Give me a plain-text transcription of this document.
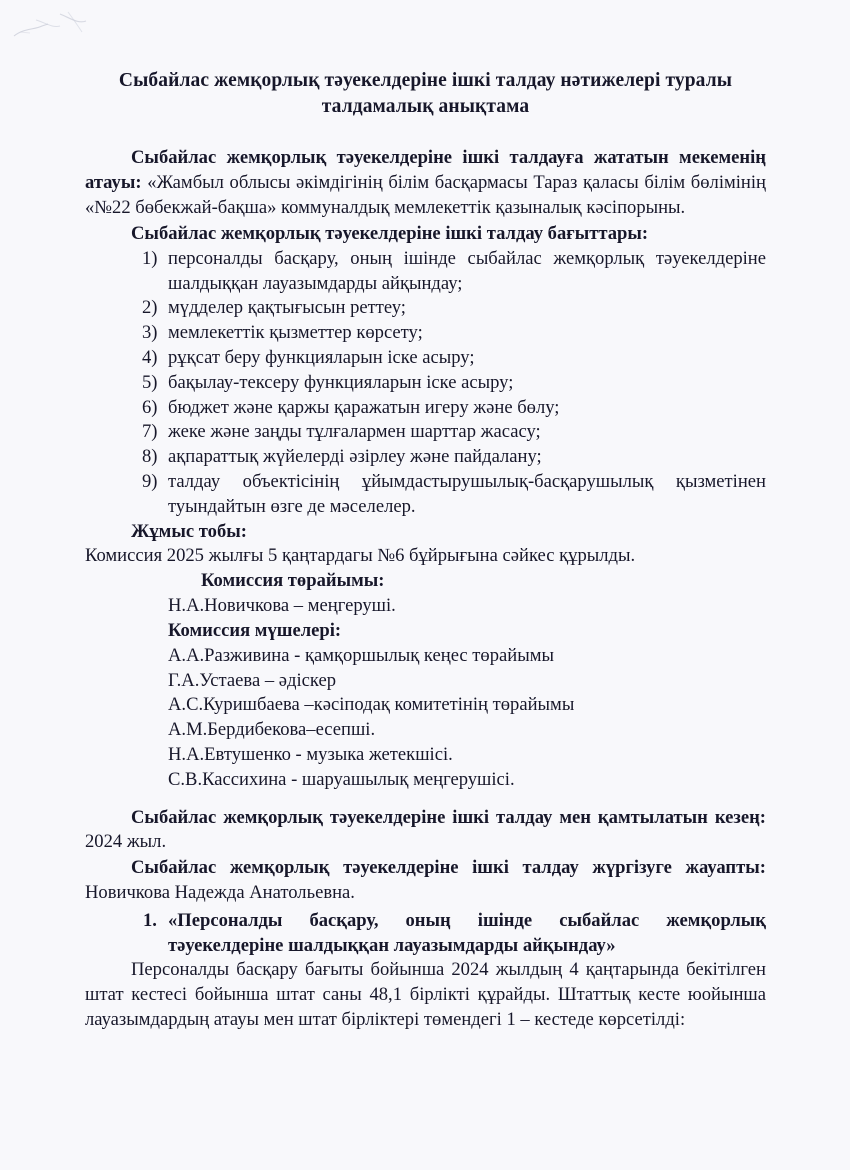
Сыбайлас жемқорлық тәуекелдеріне ішкі талдау нәтижелері туралы талдамалық анықтама

Сыбайлас жемқорлық тәуекелдеріне ішкі талдауға жататын мекеменің атауы: «Жамбыл облысы әкімдігінің білім басқармасы Тараз қаласы білім бөлімінің «№22 бөбекжай-бақша» коммуналдық мемлекеттік қазыналық кәсіпорыны.

Сыбайлас жемқорлық тәуекелдеріне ішкі талдау бағыттары:

персоналды басқару, оның ішінде сыбайлас жемқорлық тәуекелдеріне шалдыққан лауазымдарды айқындау;
мүдделер қақтығысын реттеу;
мемлекеттік қызметтер көрсету;
рұқсат беру функцияларын іске асыру;
бақылау-тексеру функцияларын іске асыру;
бюджет және қаржы қаражатын игеру және бөлу;
жеке және заңды тұлғалармен шарттар жасасу;
ақпараттық жүйелерді әзірлеу және пайдалану;
талдау объектісінің ұйымдастырушылық-басқарушылық қызметінен туындайтын өзге де мәселелер.

Жұмыс тобы:

Комиссия 2025 жылғы 5 қаңтардагы №6 бұйрығына сәйкес құрылды.

Комиссия төрайымы:

Н.А.Новичкова – меңгеруші.

Комиссия мүшелері:

А.А.Разживина - қамқоршылық кеңес төрайымы

Г.А.Устаева – әдіскер

А.С.Куришбаева –кәсіподақ комитетінің төрайымы

А.М.Бердибекова–есепші.

Н.А.Евтушенко - музыка жетекшісі.

С.В.Кассихина - шаруашылық меңгерушісі.

Сыбайлас жемқорлық тәуекелдеріне ішкі талдау мен қамтылатын кезең: 2024 жыл.

Сыбайлас жемқорлық тәуекелдеріне ішкі талдау жүргізуге жауапты: Новичкова Надежда Анатольевна.

1. «Персоналды басқару, оның ішінде сыбайлас жемқорлық тәуекелдеріне шалдыққан лауазымдарды айқындау»

Персоналды басқару бағыты бойынша 2024 жылдың 4 қаңтарында бекітілген штат кестесі бойынша штат саны 48,1 бірлікті құрайды. Штаттық кесте юойынша лауазымдардың атауы мен штат бірліктері төмендегі 1 – кестеде көрсетілді:
